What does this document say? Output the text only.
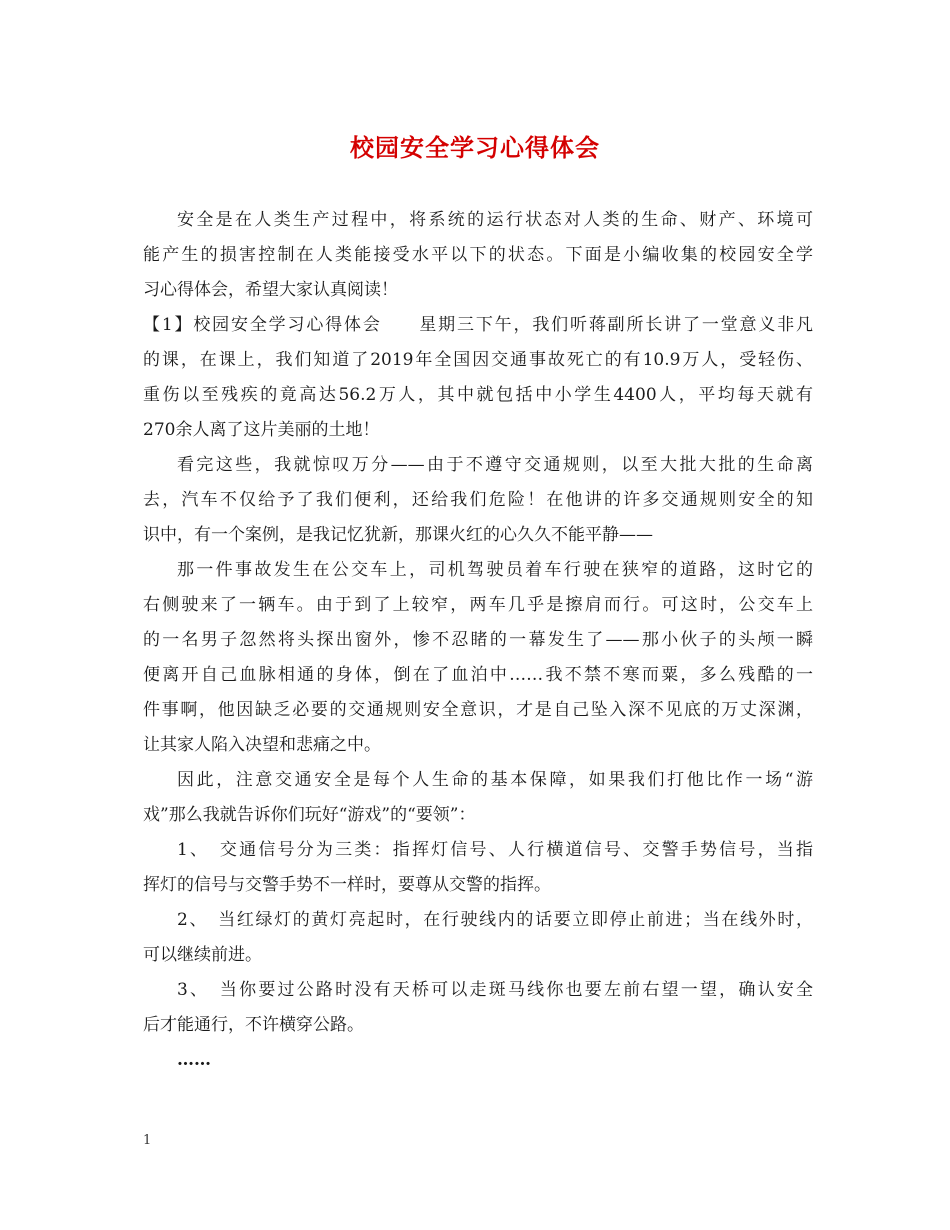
校园安全学习心得体会
安全是在人类生产过程中，将系统的运行状态对人类的生命、财产、环境可
能产生的损害控制在人类能接受水平以下的状态。下面是小编收集的校园安全学
习心得体会，希望大家认真阅读！
【1】校园安全学习心得体会　　星期三下午，我们听蒋副所长讲了一堂意义非凡
的课，在课上，我们知道了2019年全国因交通事故死亡的有10.9万人，受轻伤、
重伤以至残疾的竟高达56.2万人，其中就包括中小学生4400人，平均每天就有
270余人离了这片美丽的土地！
看完这些，我就惊叹万分——由于不遵守交通规则，以至大批大批的生命离
去，汽车不仅给予了我们便利，还给我们危险！在他讲的许多交通规则安全的知
识中，有一个案例，是我记忆犹新，那课火红的心久久不能平静——
那一件事故发生在公交车上，司机驾驶员着车行驶在狭窄的道路，这时它的
右侧驶来了一辆车。由于到了上较窄，两车几乎是擦肩而行。可这时，公交车上
的一名男子忽然将头探出窗外，惨不忍睹的一幕发生了——那小伙子的头颅一瞬
便离开自己血脉相通的身体，倒在了血泊中……我不禁不寒而粟，多么残酷的一
件事啊，他因缺乏必要的交通规则安全意识，才是自己坠入深不见底的万丈深渊，
让其家人陷入决望和悲痛之中。
因此，注意交通安全是每个人生命的基本保障，如果我们打他比作一场“游
戏”那么我就告诉你们玩好“游戏”的“要领”：
1、　交通信号分为三类：指挥灯信号、人行横道信号、交警手势信号，当指
挥灯的信号与交警手势不一样时，要尊从交警的指挥。
2、　当红绿灯的黄灯亮起时，在行驶线内的话要立即停止前进；当在线外时，
可以继续前进。
3、　当你要过公路时没有天桥可以走斑马线你也要左前右望一望，确认安全
后才能通行，不许横穿公路。
……
1
